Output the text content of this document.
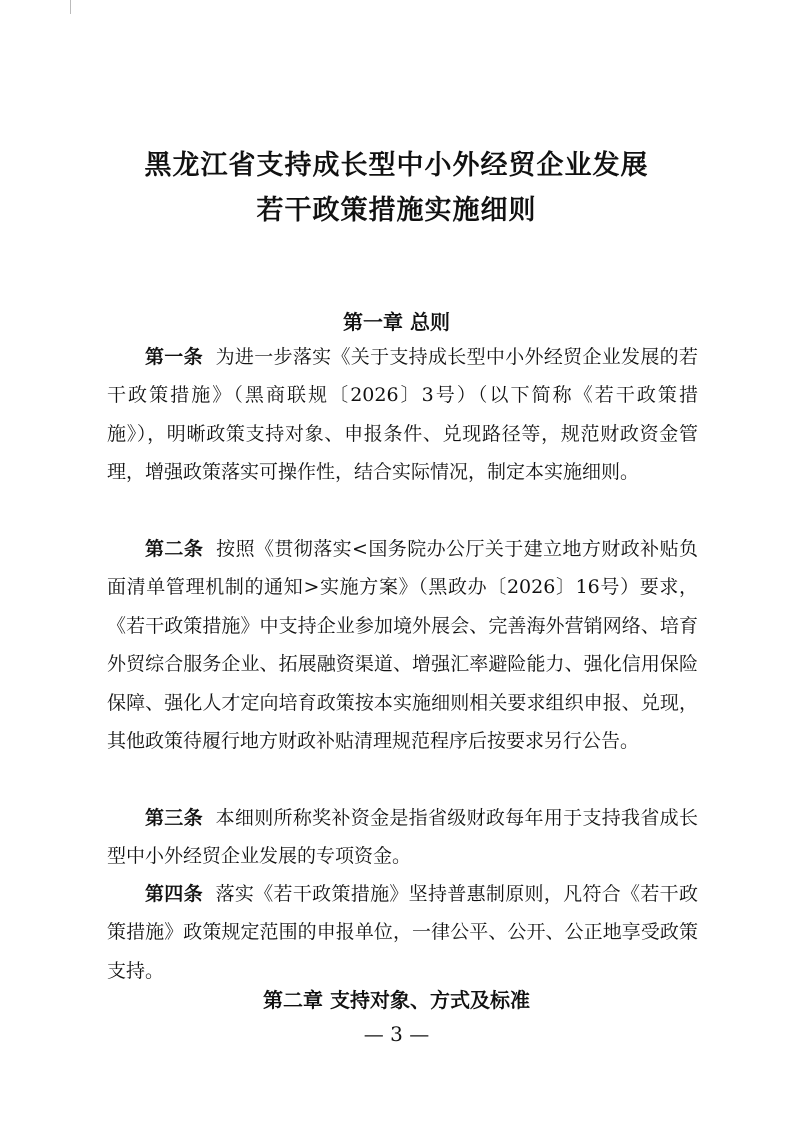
黑龙江省支持成长型中小外经贸企业发展
若干政策措施实施细则
第一章 总则
第一条 为进一步落实《关于支持成长型中小外经贸企业发展的若干政策措施》（黑商联规〔2026〕3号）（以下简称《若干政策措施》），明晰政策支持对象、申报条件、兑现路径等，规范财政资金管理，增强政策落实可操作性，结合实际情况，制定本实施细则。
第二条 按照《贯彻落实<国务院办公厅关于建立地方财政补贴负面清单管理机制的通知>实施方案》（黑政办〔2026〕16号）要求，《若干政策措施》中支持企业参加境外展会、完善海外营销网络、培育外贸综合服务企业、拓展融资渠道、增强汇率避险能力、强化信用保险保障、强化人才定向培育政策按本实施细则相关要求组织申报、兑现，其他政策待履行地方财政补贴清理规范程序后按要求另行公告。
第三条 本细则所称奖补资金是指省级财政每年用于支持我省成长型中小外经贸企业发展的专项资金。
第四条 落实《若干政策措施》坚持普惠制原则，凡符合《若干政策措施》政策规定范围的申报单位，一律公平、公开、公正地享受政策支持。
第二章 支持对象、方式及标准
— 3 —
